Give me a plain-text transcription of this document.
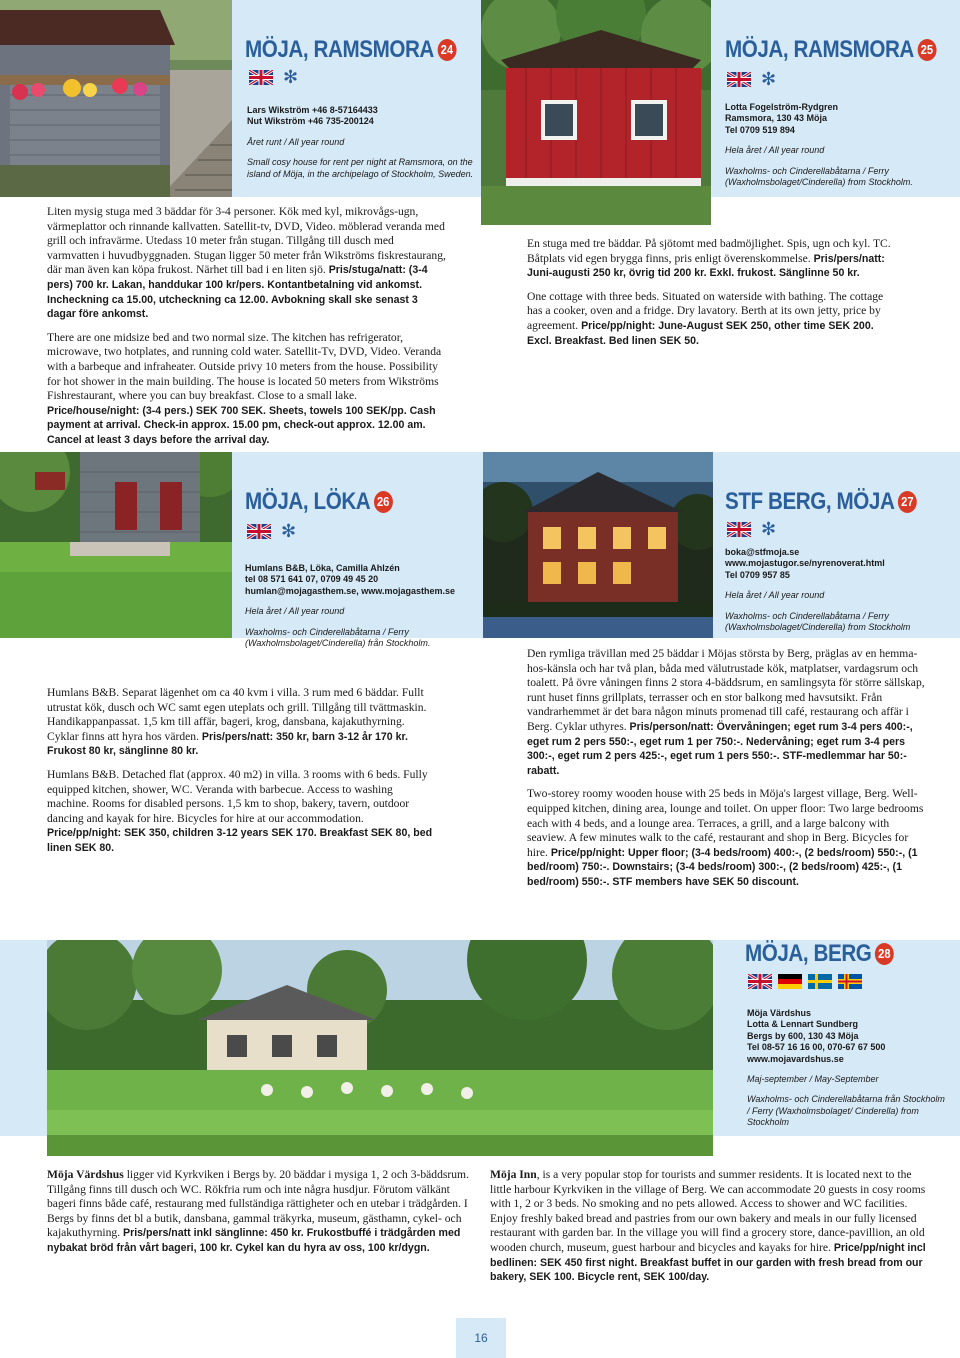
MÖJA, RAMSMORA 24
✻
Lars Wikström +46 8-57164433
Nut Wikström +46 735-200124
Året runt / All year round
Small cosy house for rent per night at Ramsmora, on the island of Möja, in the archipelago of Stockholm, Sweden.

Liten mysig stuga med 3 bäddar för 3-4 personer. Kök med kyl, mikrovågs-ugn, värmeplattor och rinnande kallvatten. Satellit-tv, DVD, Video. möblerad veranda med grill och infravärme. Utedass 10 meter från stugan. Tillgång till dusch med varmvatten i huvudbyggnaden. Stugan ligger 50 meter från Wikströms fiskrestaurang, där man även kan köpa frukost. Närhet till bad i en liten sjö. Pris/stuga/natt: (3-4 pers) 700 kr. Lakan, handdukar 100 kr/pers. Kontantbetalning vid ankomst. Incheckning ca 15.00, utcheckning ca 12.00. Avbokning skall ske senast 3 dagar före ankomst.

There are one midsize bed and two normal size. The kitchen has refrigerator, microwave, two hotplates, and running cold water. Satellit-Tv, DVD, Video. Veranda with a barbeque and infraheater. Outside privy 10 meters from the house. Possibility for hot shower in the main building. The house is located 50 meters from Wikströms Fishrestaurant, where you can buy breakfast. Close to a small lake. Price/house/night: (3-4 pers.) SEK 700 SEK. Sheets, towels 100 SEK/pp. Cash payment at arrival. Check-in approx. 15.00 pm, check-out approx. 12.00 am. Cancel at least 3 days before the arrival day.

MÖJA, RAMSMORA 25
✻
Lotta Fogelström-Rydgren
Ramsmora, 130 43 Möja
Tel 0709 519 894
Hela året / All year round
Waxholms- och Cinderellabåtarna / Ferry (Waxholmsbolaget/Cinderella) from Stockholm.

En stuga med tre bäddar. På sjötomt med badmöjlighet. Spis, ugn och kyl. TC. Båtplats vid egen brygga finns, pris enligt överenskommelse. Pris/pers/natt: Juni-augusti 250 kr, övrig tid 200 kr. Exkl. frukost. Sänglinne 50 kr.

One cottage with three beds. Situated on waterside with bathing. The cottage has a cooker, oven and a fridge. Dry lavatory. Berth at its own jetty, price by agreement. Price/pp/night: June-August SEK 250, other time SEK 200. Excl. Breakfast. Bed linen SEK 50.

MÖJA, LÖKA 26
✻
Humlans B&B, Löka, Camilla Ahlzén
tel 08 571 641 07, 0709 49 45 20
humlan@mojagasthem.se, www.mojagasthem.se
Hela året / All year round
Waxholms- och Cinderellabåtarna / Ferry (Waxholmsbolaget/Cinderella) från Stockholm.

Humlans B&B. Separat lägenhet om ca 40 kvm i villa. 3 rum med 6 bäddar. Fullt utrustat kök, dusch och WC samt egen uteplats och grill. Tillgång till tvättmaskin. Handikappanpassat. 1,5 km till affär, bageri, krog, dansbana, kajakuthyrning. Cyklar finns att hyra hos värden. Pris/pers/natt: 350 kr, barn 3-12 år 170 kr. Frukost 80 kr, sänglinne 80 kr.

Humlans B&B. Detached flat (approx. 40 m2) in villa. 3 rooms with 6 beds. Fully equipped kitchen, shower, WC. Veranda with barbecue. Access to washing machine. Rooms for disabled persons. 1,5 km to shop, bakery, tavern, outdoor dancing and kayak for hire. Bicycles for hire at our accommodation. Price/pp/night: SEK 350, children 3-12 years SEK 170. Breakfast SEK 80, bed linen SEK 80.

STF BERG, MÖJA 27
✻
boka@stfmoja.se
www.mojastugor.se/nyrenoverat.html
Tel 0709 957 85
Hela året / All year round
Waxholms- och Cinderellabåtarna / Ferry (Waxholmsbolaget/Cinderella) from Stockholm

Den rymliga trävillan med 25 bäddar i Möjas största by Berg, präglas av en hemma-hos-känsla och har två plan, båda med välutrustade kök, matplatser, vardagsrum och toalett. På övre våningen finns 2 stora 4-bäddsrum, en samlingsyta för större sällskap, runt huset finns grillplats, terrasser och en stor balkong med havsutsikt. Från vandrarhemmet är det bara någon minuts promenad till café, restaurang och affär i Berg. Cyklar uthyres. Pris/person/natt: Övervåningen; eget rum 3-4 pers 400:-, eget rum 2 pers 550:-, eget rum 1 per 750:-. Nedervåning; eget rum 3-4 pers 300:-, eget rum 2 pers 425:-, eget rum 1 pers 550:-. STF-medlemmar har 50:- rabatt.

Two-storey roomy wooden house with 25 beds in Möja's largest village, Berg. Well-equipped kitchen, dining area, lounge and toilet. On upper floor: Two large bedrooms each with 4 beds, and a lounge area. Terraces, a grill, and a large balcony with seaview. A few minutes walk to the café, restaurant and shop in Berg. Bicycles for hire. Price/pp/night: Upper floor; (3-4 beds/room) 400:-, (2 beds/room) 550:-, (1 bed/room) 750:-. Downstairs; (3-4 beds/room) 300:-, (2 beds/room) 425:-, (1 bed/room) 550:-. STF members have SEK 50 discount.

MÖJA, BERG 28
Möja Värdshus
Lotta & Lennart Sundberg
Bergs by 600, 130 43 Möja
Tel 08-57 16 16 00, 070-67 67 500
www.mojavardshus.se
Maj-september / May-September
Waxholms- och Cinderellabåtarna från Stockholm / Ferry (Waxholmsbolaget/ Cinderella) from Stockholm

Möja Värdshus ligger vid Kyrkviken i Bergs by. 20 bäddar i mysiga 1, 2 och 3-bäddsrum. Tillgång finns till dusch och WC. Rökfria rum och inte några husdjur. Förutom välkänt bageri finns både café, restaurang med fullständiga rättigheter och en utebar i trädgården. I Bergs by finns det bl a butik, dansbana, gammal träkyrka, museum, gästhamn, cykel- och kajakuthyrning. Pris/pers/natt inkl sänglinne: 450 kr. Frukostbuffé i trädgården med nybakat bröd från vårt bageri, 100 kr. Cykel kan du hyra av oss, 100 kr/dygn.

Möja Inn, is a very popular stop for tourists and summer residents. It is located next to the little harbour Kyrkviken in the village of Berg. We can accommodate 20 guests in cosy rooms with 1, 2 or 3 beds. No smoking and no pets allowed. Access to shower and WC facilities. Enjoy freshly baked bread and pastries from our own bakery and meals in our fully licensed restaurant with garden bar. In the village you will find a grocery store, dance-pavillion, an old wooden church, museum, guest harbour and bicycles and kayaks for hire. Price/pp/night incl bedlinen: SEK 450 first night. Breakfast buffet in our garden with fresh bread from our bakery, SEK 100. Bicycle rent, SEK 100/day.

16
